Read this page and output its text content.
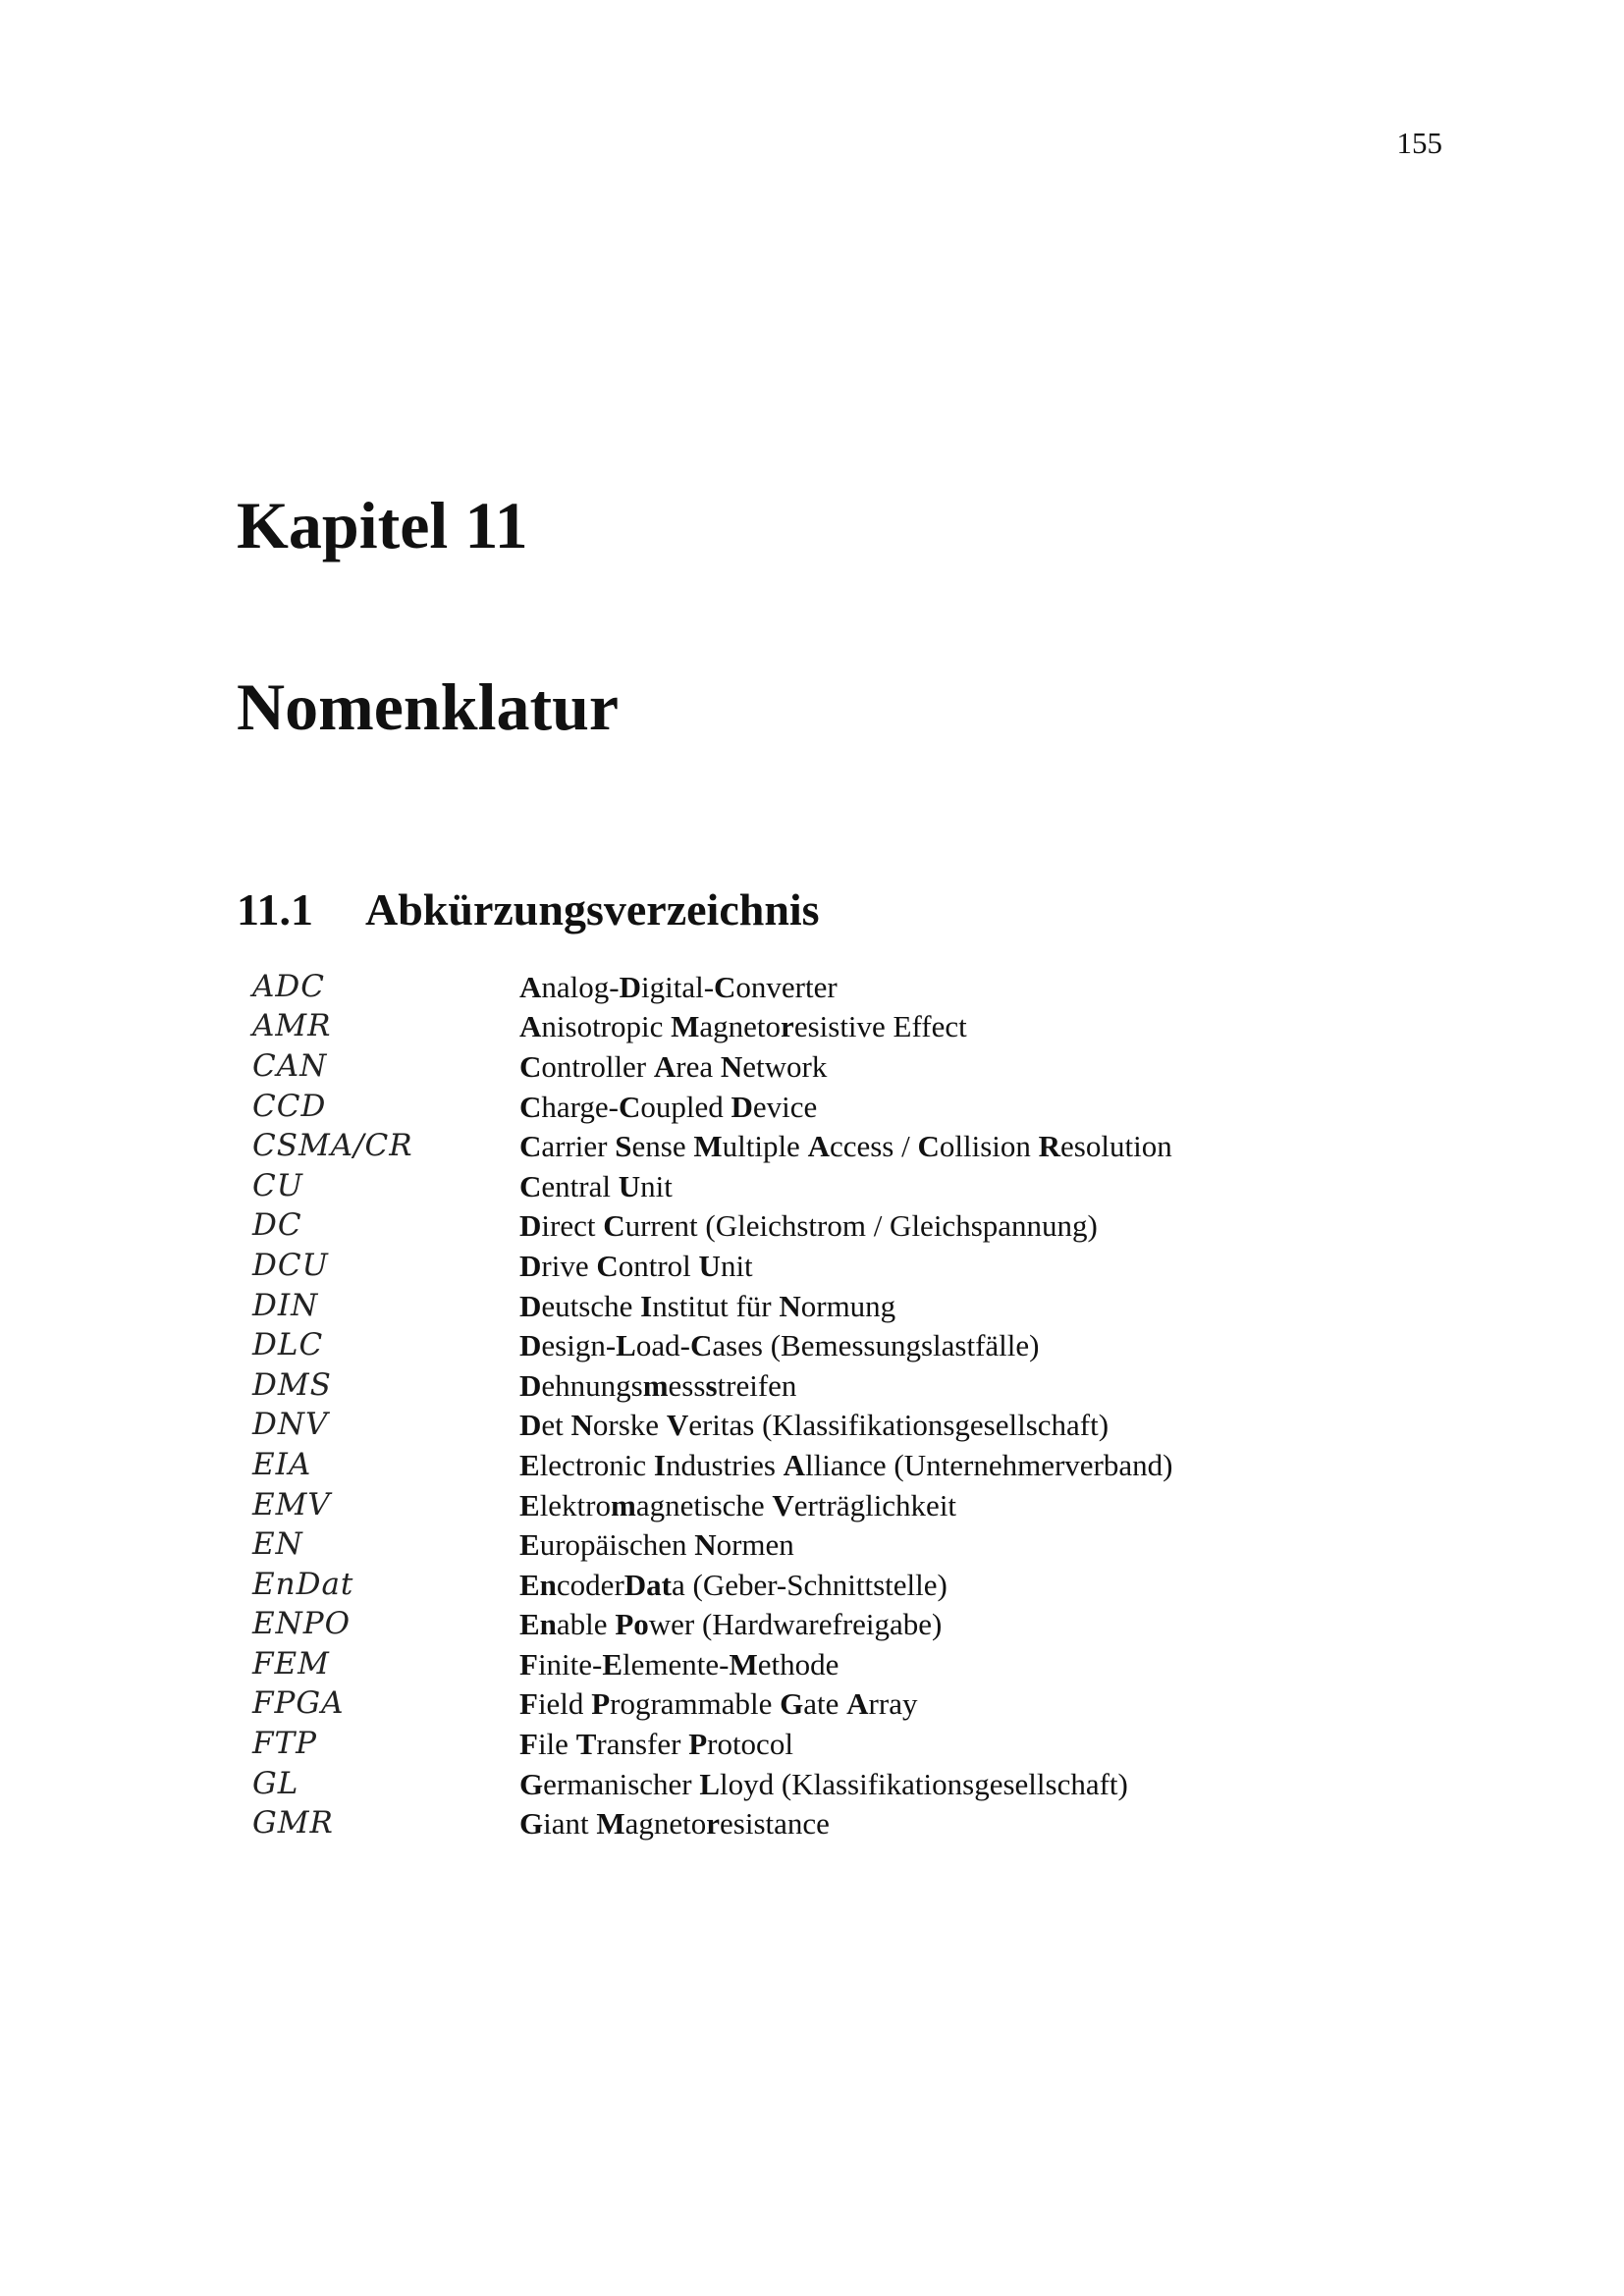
155
Kapitel 11
Nomenklatur
11.1 Abkürzungsverzeichnis
ADC	Analog-Digital-Converter
AMR	Anisotropic Magnetoresistive Effect
CAN	Controller Area Network
CCD	Charge-Coupled Device
CSMA/CR	Carrier Sense Multiple Access / Collision Resolution
CU	Central Unit
DC	Direct Current (Gleichstrom / Gleichspannung)
DCU	Drive Control Unit
DIN	Deutsche Institut für Normung
DLC	Design-Load-Cases (Bemessungslastfälle)
DMS	Dehnungsmessstreifen
DNV	Det Norske Veritas (Klassifikationsgesellschaft)
EIA	Electronic Industries Alliance (Unternehmerverband)
EMV	Elektromagnetische Verträglichkeit
EN	Europäischen Normen
EnDat	EncoderData (Geber-Schnittstelle)
ENPO	Enable Power (Hardwarefreigabe)
FEM	Finite-Elemente-Methode
FPGA	Field Programmable Gate Array
FTP	File Transfer Protocol
GL	Germanischer Lloyd (Klassifikationsgesellschaft)
GMR	Giant Magnetoresistance
